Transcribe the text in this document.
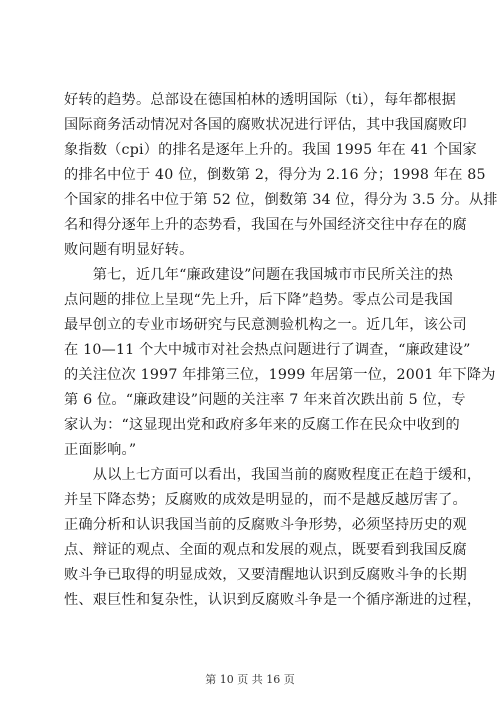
好转的趋势。总部设在德国柏林的透明国际（ti），每年都根据
国际商务活动情况对各国的腐败状况进行评估，其中我国腐败印
象指数（cpi）的排名是逐年上升的。我国 1995 年在 41 个国家
的排名中位于 40 位，倒数第 2，得分为 2.16 分；1998 年在 85
个国家的排名中位于第 52 位，倒数第 34 位，得分为 3.5 分。从排
名和得分逐年上升的态势看，我国在与外国经济交往中存在的腐
败问题有明显好转。

　　第七，近几年“廉政建设”问题在我国城市市民所关注的热
点问题的排位上呈现“先上升，后下降”趋势。零点公司是我国
最早创立的专业市场研究与民意测验机构之一。近几年，该公司
在 10—11 个大中城市对社会热点问题进行了调查，“廉政建设”
的关注位次 1997 年排第三位，1999 年居第一位，2001 年下降为
第 6 位。“廉政建设”问题的关注率 7 年来首次跌出前 5 位，专
家认为：“这显现出党和政府多年来的反腐工作在民众中收到的
正面影响。”

　　从以上七方面可以看出，我国当前的腐败程度正在趋于缓和，
并呈下降态势；反腐败的成效是明显的，而不是越反越厉害了。
正确分析和认识我国当前的反腐败斗争形势，必须坚持历史的观
点、辩证的观点、全面的观点和发展的观点，既要看到我国反腐
败斗争已取得的明显成效，又要清醒地认识到反腐败斗争的长期
性、艰巨性和复杂性，认识到反腐败斗争是一个循序渐进的过程，

第 10 页 共 16 页
